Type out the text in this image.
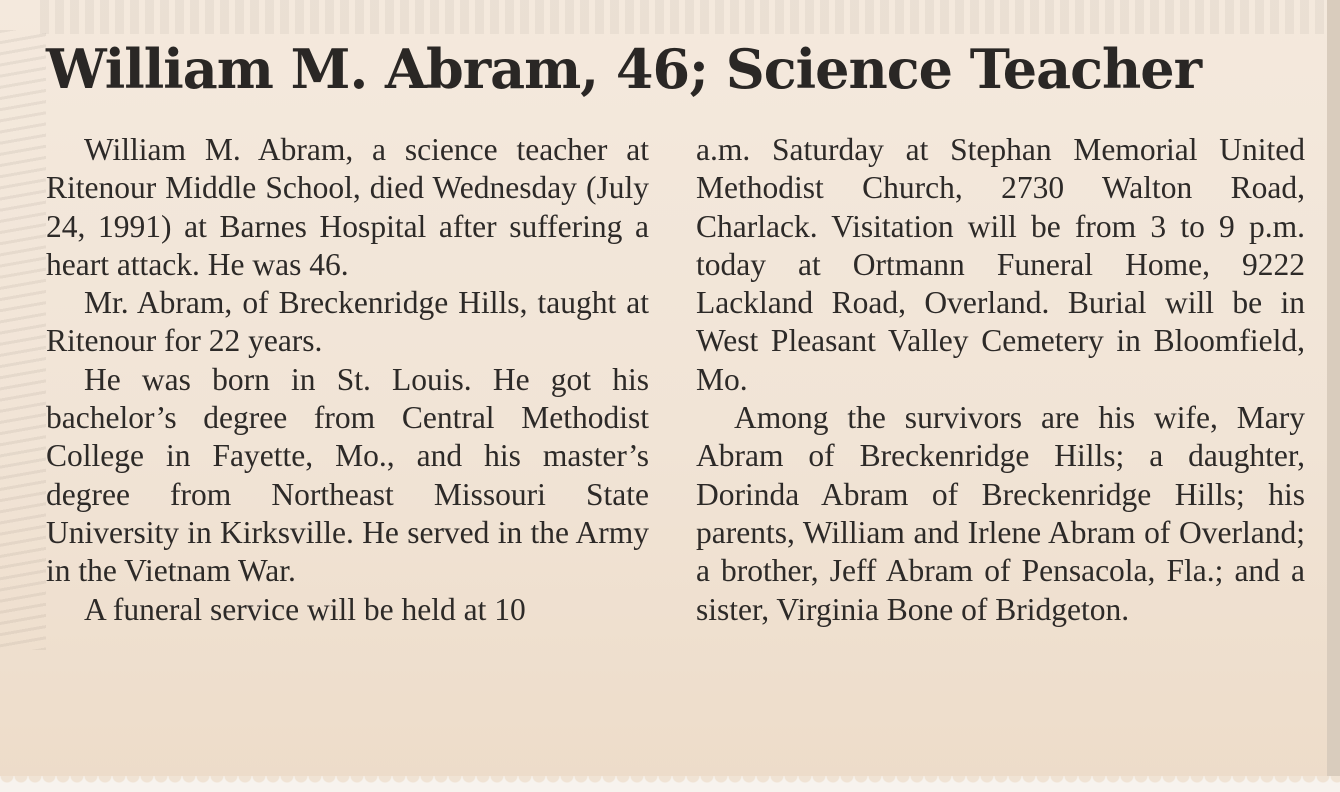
William M. Abram, 46; Science Teacher

William M. Abram, a science teacher at Ritenour Middle School, died Wednesday (July 24, 1991) at Barnes Hospital after suffering a heart attack. He was 46.

Mr. Abram, of Breckenridge Hills, taught at Ritenour for 22 years.

He was born in St. Louis. He got his bachelor’s degree from Central Methodist College in Fayette, Mo., and his master’s degree from Northeast Missouri State University in Kirksville. He served in the Army in the Vietnam War.

A funeral service will be held at 10

a.m. Saturday at Stephan Memorial United Methodist Church, 2730 Walton Road, Charlack. Visitation will be from 3 to 9 p.m. today at Ortmann Funeral Home, 9222 Lackland Road, Overland. Burial will be in West Pleasant Valley Cemetery in Bloomfield, Mo.

Among the survivors are his wife, Mary Abram of Breckenridge Hills; a daughter, Dorinda Abram of Breckenridge Hills; his parents, William and Irlene Abram of Overland; a brother, Jeff Abram of Pensacola, Fla.; and a sister, Virginia Bone of Bridgeton.
